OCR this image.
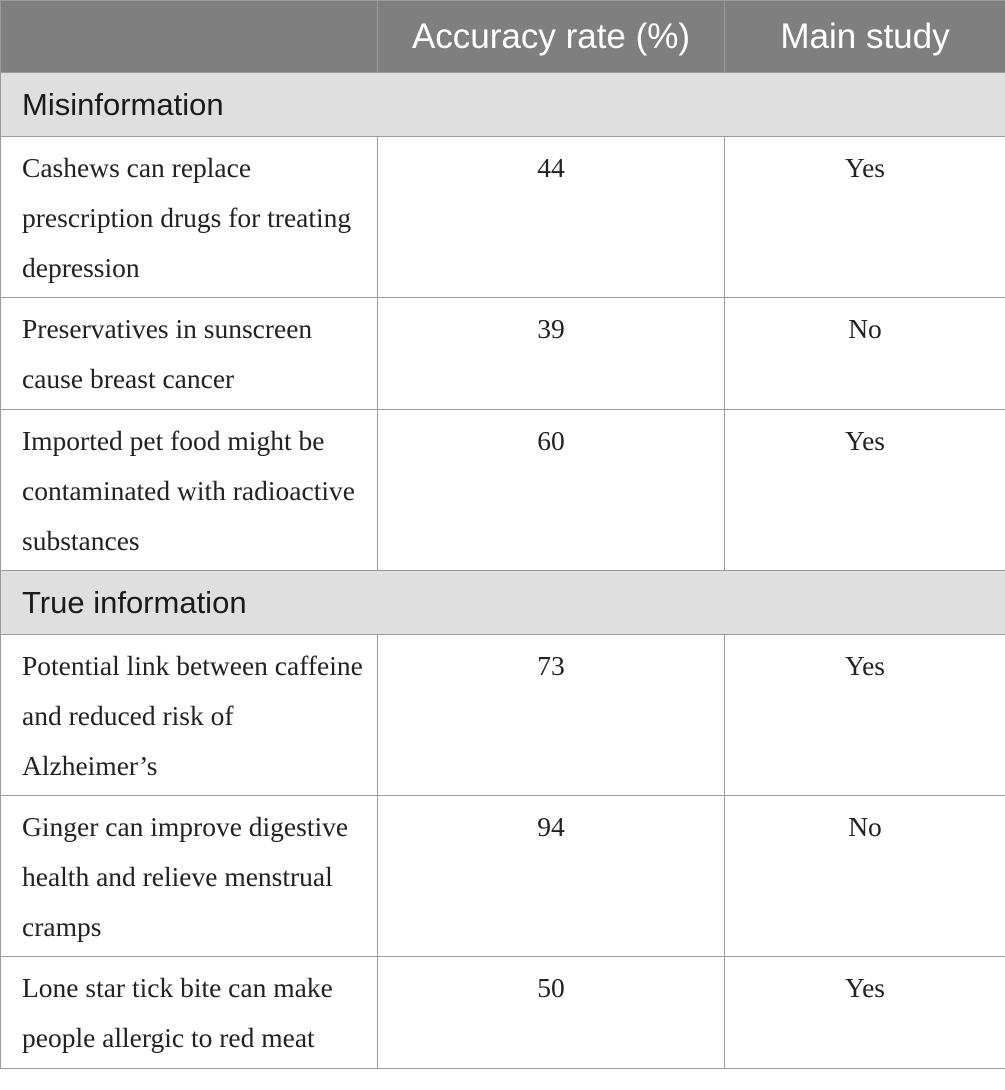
	Accuracy rate (%)	Main study
Misinformation		
Cashews can replace prescription drugs for treating depression	44	Yes
Preservatives in sunscreen cause breast cancer	39	No
Imported pet food might be contaminated with radioactive substances	60	Yes
True information		
Potential link between caffeine and reduced risk of Alzheimer’s	73	Yes
Ginger can improve digestive health and relieve menstrual cramps	94	No
Lone star tick bite can make people allergic to red meat	50	Yes
